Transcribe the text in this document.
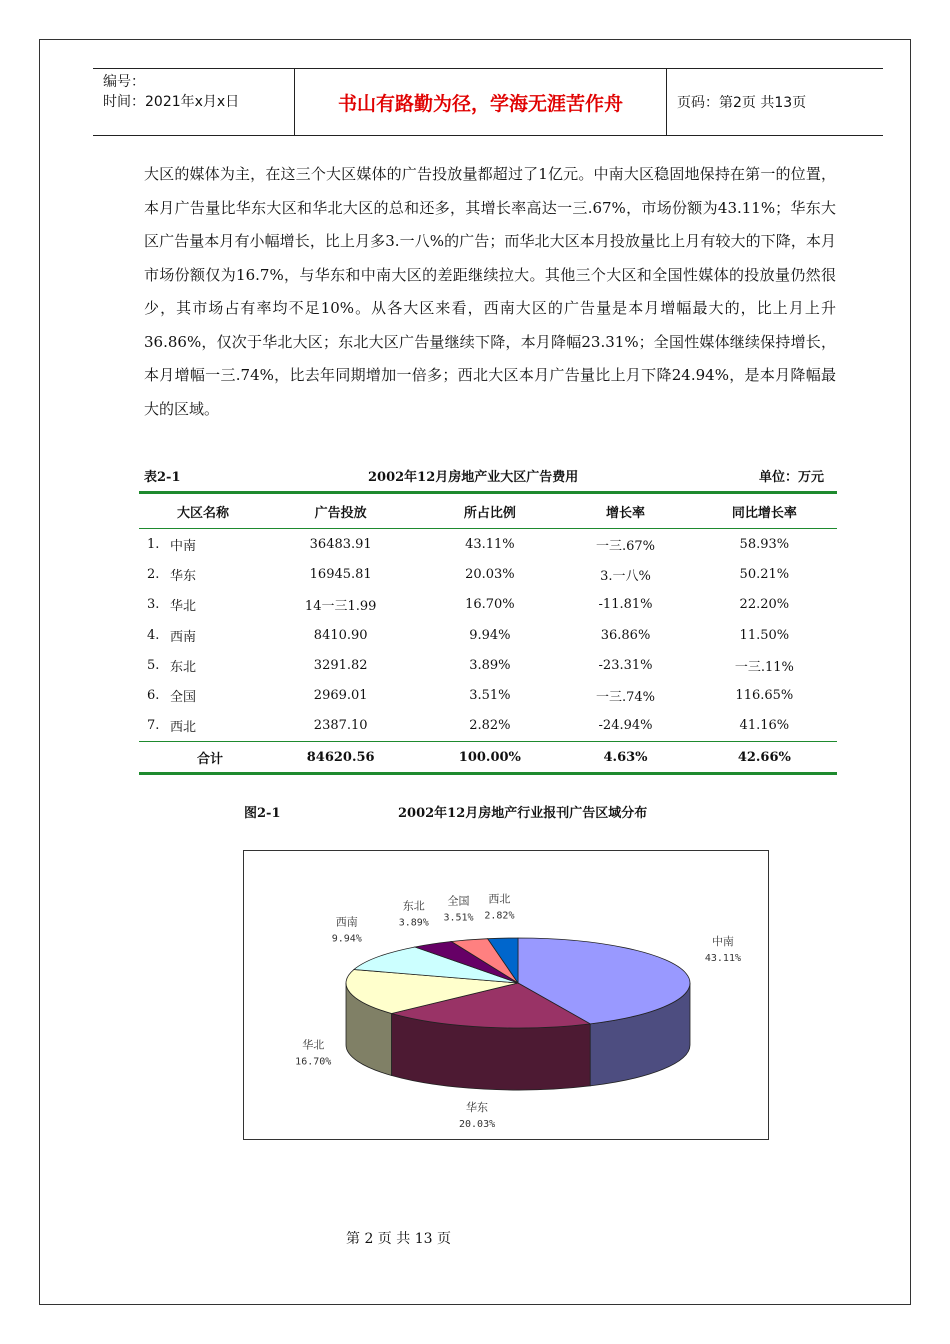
编号：
时间：2021年x月x日	书山有路勤为径，学海无涯苦作舟	页码：第2页 共13页
大区的媒体为主，在这三个大区媒体的广告投放量都超过了1亿元。中南大区稳固地保持在第一的位置，本月广告量比华东大区和华北大区的总和还多，其增长率高达一三.67%，市场份额为43.11%；华东大区广告量本月有小幅增长，比上月多3.一八%的广告；而华北大区本月投放量比上月有较大的下降，本月市场份额仅为16.7%，与华东和中南大区的差距继续拉大。其他三个大区和全国性媒体的投放量仍然很少，其市场占有率均不足10%。从各大区来看，西南大区的广告量是本月增幅最大的，比上月上升36.86%，仅次于华北大区；东北大区广告量继续下降，本月降幅23.31%；全国性媒体继续保持增长，本月增幅一三.74%，比去年同期增加一倍多；西北大区本月广告量比上月下降24.94%，是本月降幅最大的区域。
表2-1	2002年12月房地产业大区广告费用	单位：万元
大区名称		广告投放	所占比例	增长率	同比增长率
1.	中南	36483.91	43.11%	一三.67%	58.93%
2.	华东	16945.81	20.03%	3.一八%	50.21%
3.	华北	14一三1.99	16.70%	-11.81%	22.20%
4.	西南	8410.90	9.94%	36.86%	11.50%
5.	东北	3291.82	3.89%	-23.31%	一三.11%
6.	全国	2969.01	3.51%	一三.74%	116.65%
7.	西北	2387.10	2.82%	-24.94%	41.16%
合计		84620.56	100.00%	4.63%	42.66%
图2-1	2002年12月房地产行业报刊广告区域分布
中南
43.11%
华东
20.03%
华北
16.70%
西南
9.94%
东北
3.89%
全国
3.51%
西北
2.82%
第 2 页 共 13 页
